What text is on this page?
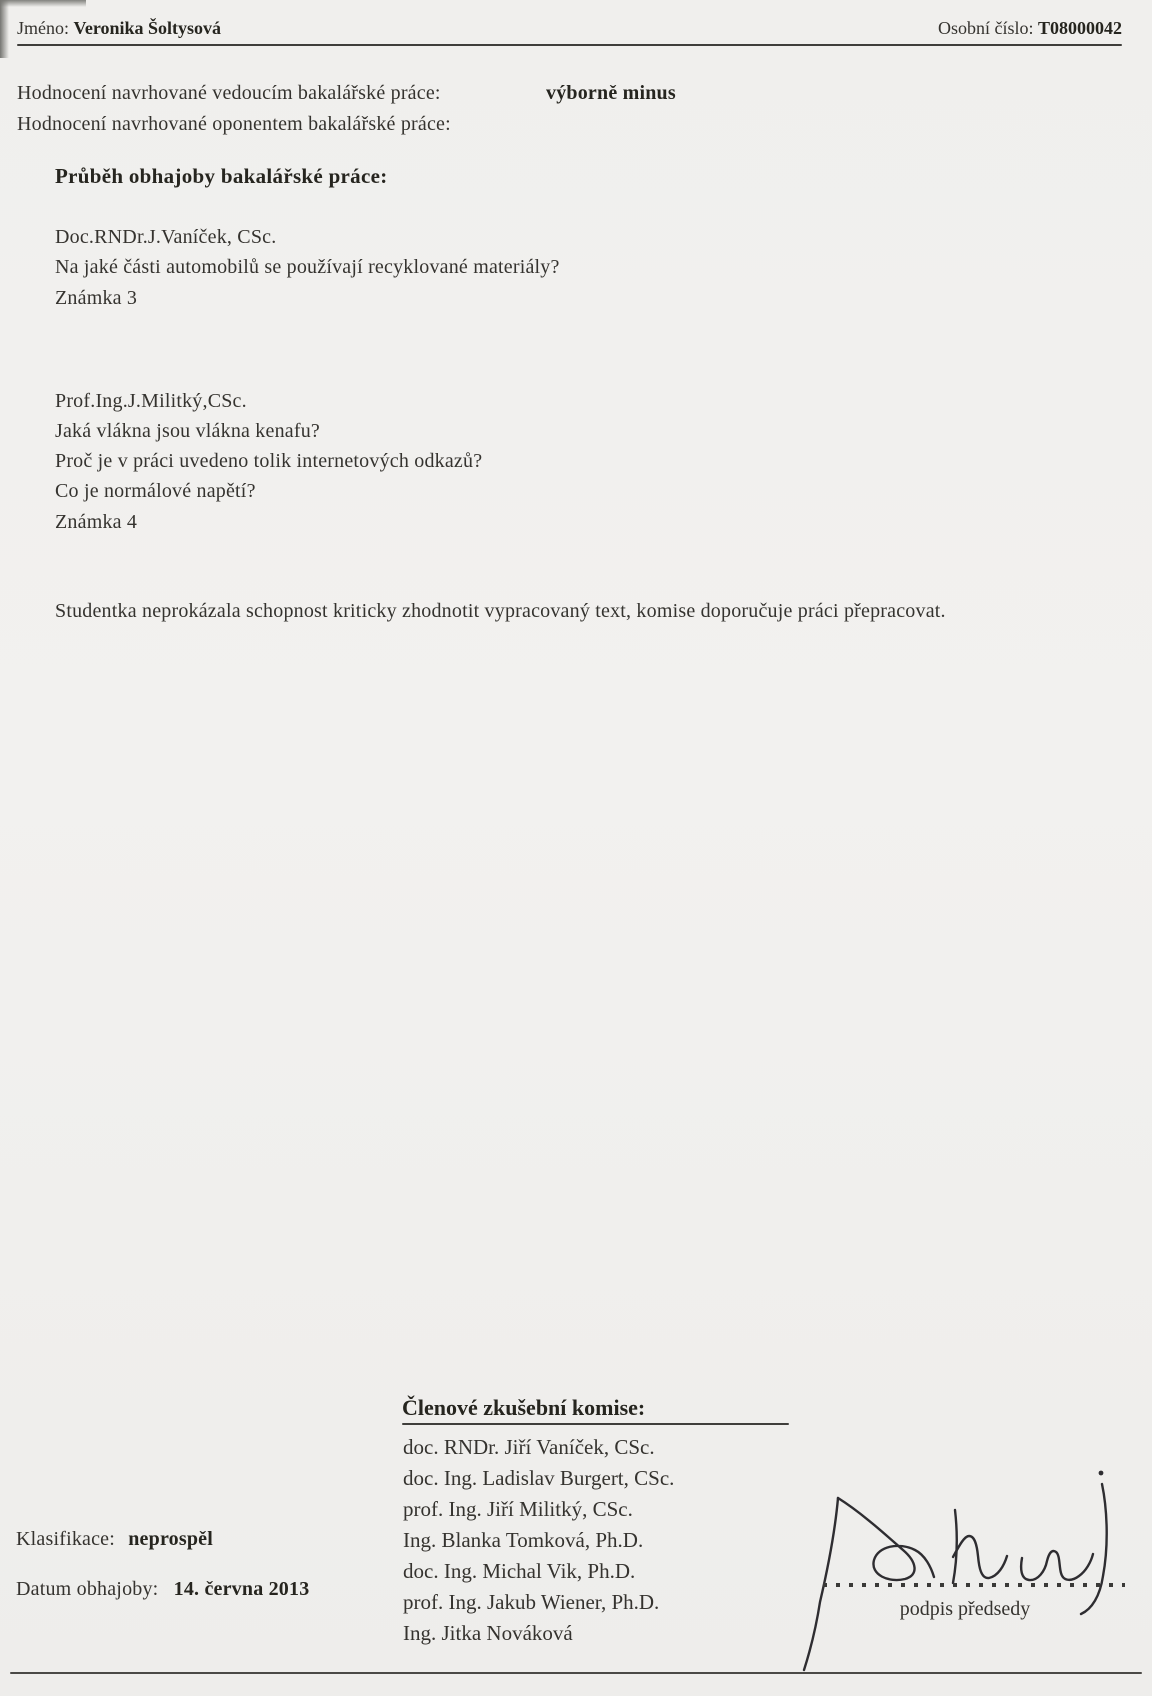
Jméno: Veronika Šoltysová	Osobní číslo: T08000042
Hodnocení navrhované vedoucím bakalářské práce:	výborně minus
Hodnocení navrhované oponentem bakalářské práce:
Průběh obhajoby bakalářské práce:
Doc.RNDr.J.Vaníček, CSc.
Na jaké části automobilů se používají recyklované materiály?
Známka 3
Prof.Ing.J.Militký,CSc.
Jaká vlákna jsou vlákna kenafu?
Proč je v práci uvedeno tolik internetových odkazů?
Co je normálové napětí?
Známka 4
Studentka neprokázala schopnost kriticky zhodnotit vypracovaný text, komise doporučuje práci přepracovat.
Členové zkušební komise:
doc. RNDr. Jiří Vaníček, CSc.
doc. Ing. Ladislav Burgert, CSc.
prof. Ing. Jiří Militký, CSc.
Ing. Blanka Tomková, Ph.D.
doc. Ing. Michal Vik, Ph.D.
prof. Ing. Jakub Wiener, Ph.D.
Ing. Jitka Nováková
Klasifikace: neprospěl
Datum obhajoby: 14. června 2013
podpis předsedy
